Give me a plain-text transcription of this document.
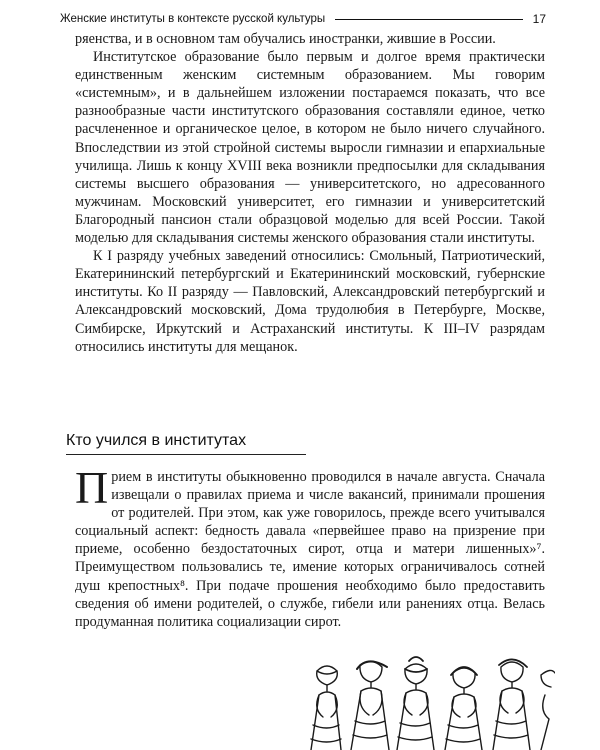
Женские институты в контексте русской культуры	17

ряенства, и в основном там обучались иностранки, жившие в России.

Институтское образование было первым и долгое время практически единственным женским системным образованием. Мы говорим «системным», и в дальнейшем изложении постараемся показать, что все разнообразные части институтского образования составляли единое, четко расчлененное и органическое целое, в котором не было ничего случайного. Впоследствии из этой стройной системы выросли гимназии и епархиальные училища. Лишь к концу XVIII века возникли предпосылки для складывания системы высшего образования — университетского, но адресованного мужчинам. Московский университет, его гимназии и университетский Благородный пансион стали образцовой моделью для всей России. Такой моделью для складывания системы женского образования стали институты.

К I разряду учебных заведений относились: Смольный, Патриотический, Екатерининский петербургский и Екатерининский московский, губернские институты. Ко II разряду — Павловский, Александровский петербургский и Александровский московский, Дома трудолюбия в Петербурге, Москве, Симбирске, Иркутский и Астраханский институты. К III–IV разрядам относились институты для мещанок.

Кто учился в институтах

Прием в институты обыкновенно проводился в начале августа. Сначала извещали о правилах приема и числе вакансий, принимали прошения от родителей. При этом, как уже говорилось, прежде всего учитывался социальный аспект: бедность давала «первейшее право на призрение при приеме, особенно бездостаточных сирот, отца и матери лишенных»⁷. Преимуществом пользовались те, имение которых ограничивалось сотней душ крепостных⁸. При подаче прошения необходимо было предоставить сведения об имени родителей, о службе, гибели или ранениях отца. Велась продуманная политика социализации сирот.
